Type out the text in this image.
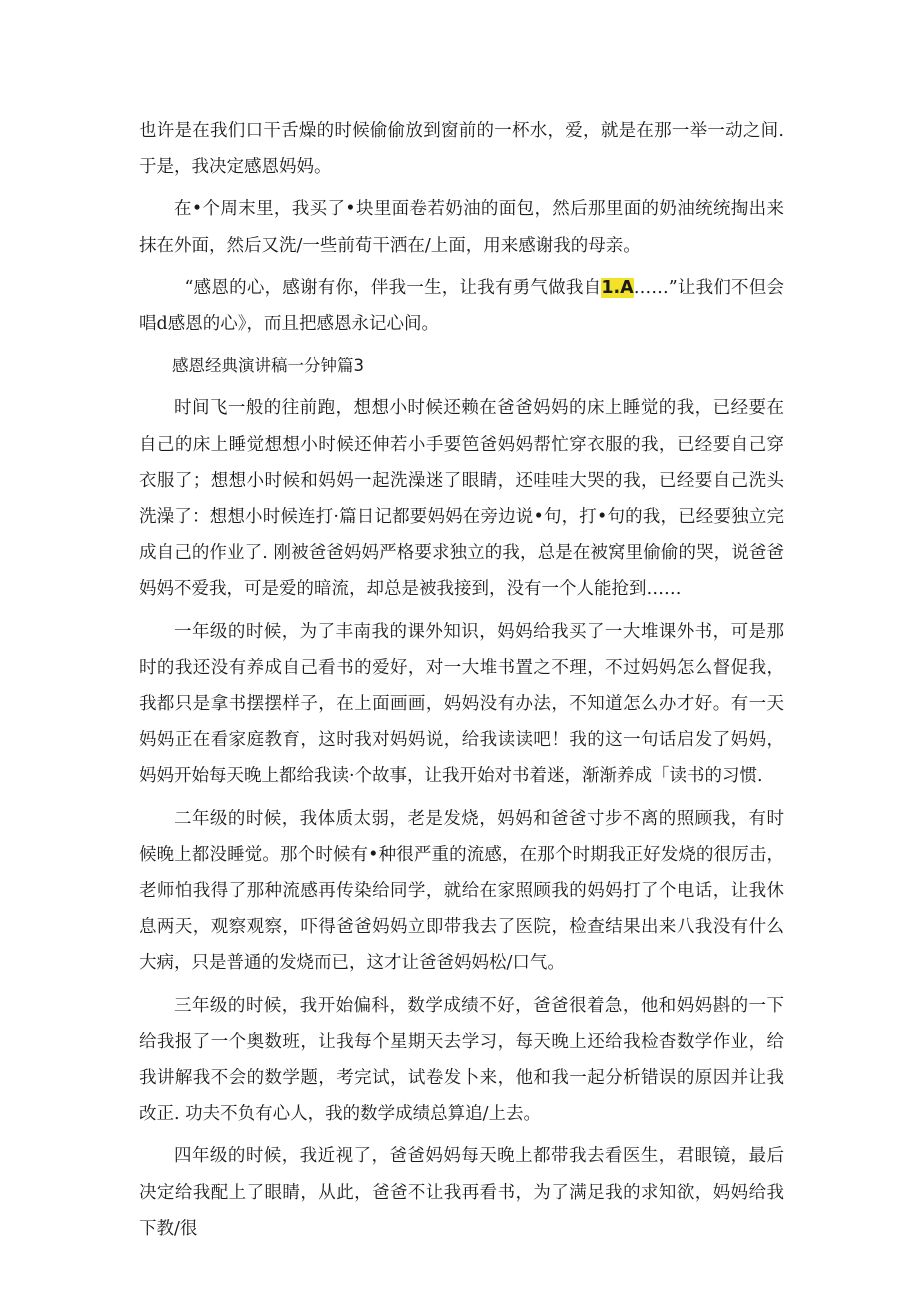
也许是在我们口干舌燥的时候偷偷放到窗前的一杯水，爱，就是在那一举一动之间. 于是，我决定感恩妈妈。

在•个周末里，我买了•块里面卷若奶油的面包，然后那里面的奶油统统掏出来抹在外面，然后又洗/一些前荀干洒在/上面，用来感谢我的母亲。

“感恩的心，感谢有你，伴我一生，让我有勇气做我自1.A……”让我们不但会唱d感恩的心》，而且把感恩永记心间。

感恩经典演讲稿一分钟篇3

时间飞一般的往前跑，想想小时候还赖在爸爸妈妈的床上睡觉的我，已经要在自己的床上睡觉想想小时候还伸若小手要笆爸妈妈帮忙穿衣服的我，已经要自己穿衣服了；想想小时候和妈妈一起洗澡迷了眼睛，还哇哇大哭的我，已经要自己洗头洗澡了：想想小时候连打·篇日记都要妈妈在旁边说•句，打•句的我，已经要独立完成自己的作业了. 刚被爸爸妈妈严格要求独立的我，总是在被窝里偷偷的哭，说爸爸妈妈不爱我，可是爱的暗流，却总是被我接到，没有一个人能抢到……

一年级的时候，为了丰南我的课外知识，妈妈给我买了一大堆课外书，可是那时的我还没有养成自己看书的爱好，对一大堆书置之不理，不过妈妈怎么督促我，我都只是拿书摆摆样子，在上面画画，妈妈没有办法，不知道怎么办才好。有一天妈妈正在看家庭教育，这时我对妈妈说，给我读读吧！我的这一句话启发了妈妈，妈妈开始每天晚上都给我读·个故事，让我开始对书着迷，渐渐养成「读书的习惯.

二年级的时候，我体质太弱，老是发烧，妈妈和爸爸寸步不离的照顾我，有时候晚上都没睡觉。那个时候有•种很严重的流感，在那个时期我正好发烧的很厉击，老师怕我得了那种流感再传染给同学，就给在家照顾我的妈妈打了个电话，让我休息两天，观察观察，吓得爸爸妈妈立即带我去了医院，检查结果出来八我没有什么大病，只是普通的发烧而已，这才让爸爸妈妈松/口气。

三年级的时候，我开始偏科，数学成绩不好，爸爸很着急，他和妈妈斟的一下给我报了一个奥数班，让我每个星期天去学习，每天晚上还给我检杳数学作业，给我讲解我不会的数学题，考完试，试卷发卜来，他和我一起分析错误的原因并让我改正. 功夫不负有心人，我的数学成绩总算追/上去。

四年级的时候，我近视了，爸爸妈妈每天晚上都带我去看医生，君眼镜，最后决定给我配上了眼睛，从此，爸爸不让我再看书，为了满足我的求知欲，妈妈给我下教/很
